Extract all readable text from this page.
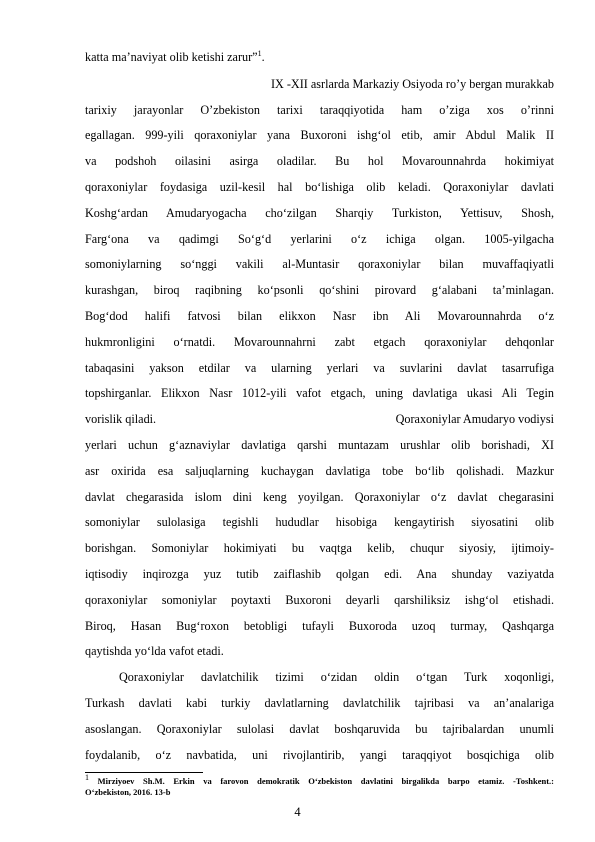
katta maʼnaviyat olib ketishi zarur”$^1$.
IX -XII asrlarda Markaziy Osiyoda ro’y bergan murakkab
tarixiy jarayonlar O’zbekiston tarixi taraqqiyotida ham o’ziga xos o’rinni
egallagan. 999-yili qoraxoniylar yana Buxoroni ishgʻol etib, amir Abdul Malik II
va podshoh oilasini asirga oladilar. Bu hol Movarounnahrda hokimiyat
qoraxoniylar foydasiga uzil-kesil hal boʻlishiga olib keladi. Qoraxoniylar davlati
Koshgʻardan Amudaryogacha choʻzilgan Sharqiy Turkiston, Yettisuv, Shosh,
Fargʻona va qadimgi Soʻgʻd yerlarini oʻz ichiga olgan. 1005-yilgacha
somoniylarning soʻnggi vakili al-Muntasir qoraxoniylar bilan muvaffaqiyatli
kurashgan, biroq raqibning koʻpsonli qoʻshini pirovard gʻalabani taʼminlagan.
Bogʻdod halifi fatvosi bilan elikxon Nasr ibn Ali Movarounnahrda oʻz
hukmronligini oʻrnatdi. Movarounnahrni zabt etgach qoraxoniylar dehqonlar
tabaqasini yakson etdilar va ularning yerlari va suvlarini davlat tasarrufiga
topshirganlar. Elikxon Nasr 1012-yili vafot etgach, uning davlatiga ukasi Ali Tegin
vorislik qiladi.	Qoraxoniylar Amudaryo vodiysi
yerlari uchun gʻaznaviylar davlatiga qarshi muntazam urushlar olib borishadi, XI
asr oxirida esa saljuqlarning kuchaygan davlatiga tobe boʻlib qolishadi. Mazkur
davlat chegarasida islom dini keng yoyilgan. Qoraxoniylar oʻz davlat chegarasini
somoniylar sulolasiga tegishli hududlar hisobiga kengaytirish siyosatini olib
borishgan. Somoniylar hokimiyati bu vaqtga kelib, chuqur siyosiy, ijtimoiy-
iqtisodiy inqirozga yuz tutib zaiflashib qolgan edi. Ana shunday vaziyatda
qoraxoniylar somoniylar poytaxti Buxoroni deyarli qarshiliksiz ishgʻol etishadi.
Biroq, Hasan Bugʻroxon betobligi tufayli Buxoroda uzoq turmay, Qashqarga
qaytishda yoʻlda vafot etadi.
Qoraxoniylar davlatchilik tizimi oʻzidan oldin oʻtgan Turk xoqonligi,
Turkash davlati kabi turkiy davlatlarning davlatchilik tajribasi va anʼanalariga
asoslangan. Qoraxoniylar sulolasi davlat boshqaruvida bu tajribalardan unumli
foydalanib, oʻz navbatida, uni rivojlantirib, yangi taraqqiyot bosqichiga olib
1 Mirziyoev Sh.M. Erkin va farovon demokratik Oʻzbekiston davlatini birgalikda barpo etamiz. -Toshkent.:
Oʻzbekiston, 2016. 13-b
4
